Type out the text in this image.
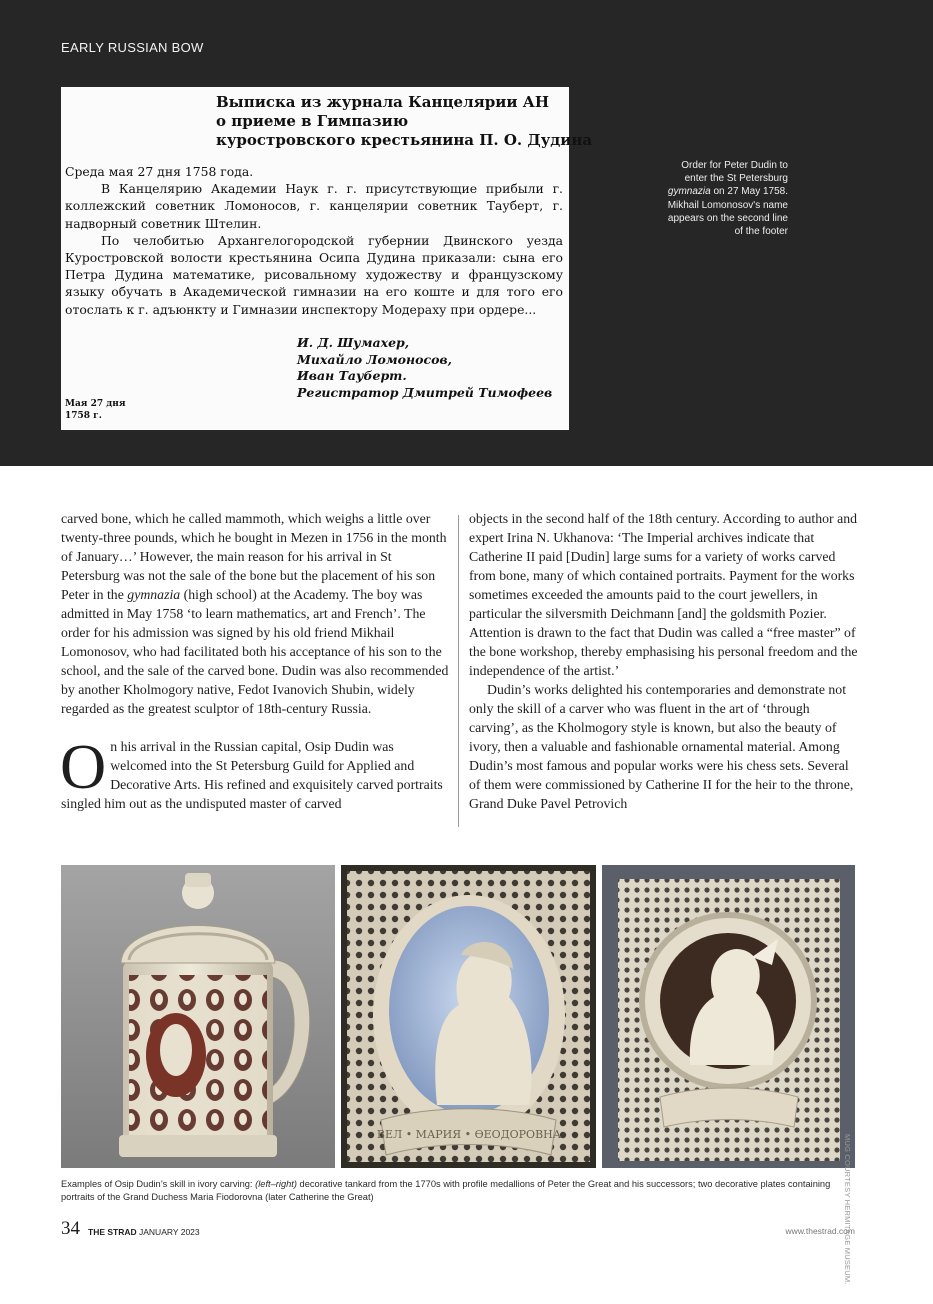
EARLY RUSSIAN BOW
Выписка из журнала Канцелярии АН
о приеме в Гимпазию
куростровского крестьянина П. О. Дудина

Среда мая 27 дня 1758 года.

В Канцелярию Академии Наук г. г. присутствующие прибыли г. коллежский советник Ломоносов, г. канцелярии советник Тауберт, г. надворный советник Штелин.

По челобитью Архангелогородской губернии Двинского уезда Куростровской волости крестьянина Осипа Дудина приказали: сына его Петра Дудина математике, рисовальному художеству и французскому языку обучать в Академической гимназии на его коште и для того его отослать к г. адъюнкту и Гимназии инспектору Модераху при ордере...

И. Д. Шумахер,
Михайло Ломоносов,
Иван Тауберт.
Регистратор Дмитрей Тимофеев
Мая 27 дня
1758 г.
Order for Peter Dudin to
enter the St Petersburg
gymnazia on 27 May 1758.
Mikhail Lomonosov's name
appears on the second line
of the footer

carved bone, which he called mammoth, which weighs a little over twenty-three pounds, which he bought in Mezen in 1756 in the month of January…’ However, the main reason for his arrival in St Petersburg was not the sale of the bone but the placement of his son Peter in the gymnazia (high school) at the Academy. The boy was admitted in May 1758 ‘to learn mathematics, art and French’. The order for his admission was signed by his old friend Mikhail Lomonosov, who had facilitated both his acceptance of his son to the school, and the sale of the carved bone. Dudin was also recommended by another Kholmogory native, Fedot Ivanovich Shubin, widely regarded as the greatest sculptor of 18th-century Russia.

On his arrival in the Russian capital, Osip Dudin was welcomed into the St Petersburg Guild for Applied and Decorative Arts. His refined and exquisitely carved portraits singled him out as the undisputed master of carved

objects in the second half of the 18th century. According to author and expert Irina N. Ukhanova: ‘The Imperial archives indicate that Catherine II paid [Dudin] large sums for a variety of works carved from bone, many of which contained portraits. Payment for the works sometimes exceeded the amounts paid to the court jewellers, in particular the silversmith Deichmann [and] the goldsmith Pozier. Attention is drawn to the fact that Dudin was called a “free master” of the bone workshop, thereby emphasising his personal freedom and the independence of the artist.’

Dudin’s works delighted his contemporaries and demonstrate not only the skill of a carver who was fluent in the art of ‘through carving’, as the Kholmogory style is known, but also the beauty of ivory, then a valuable and fashionable ornamental material. Among Dudin’s most famous and popular works were his chess sets. Several of them were commissioned by Catherine II for the heir to the throne, Grand Duke Pavel Petrovich

ВЕЛ • МАРИЯ • ѲЕОДОРОВНА	MUG COURTESY HERMITAGE MUSEUM.
Examples of Osip Dudin’s skill in ivory carving: (left–right) decorative tankard from the 1770s with profile medallions of Peter the Great and his successors; two decorative plates containing portraits of the Grand Duchess Maria Fiodorovna (later Catherine the Great)
34 THE STRAD JANUARY 2023	www.thestrad.com
